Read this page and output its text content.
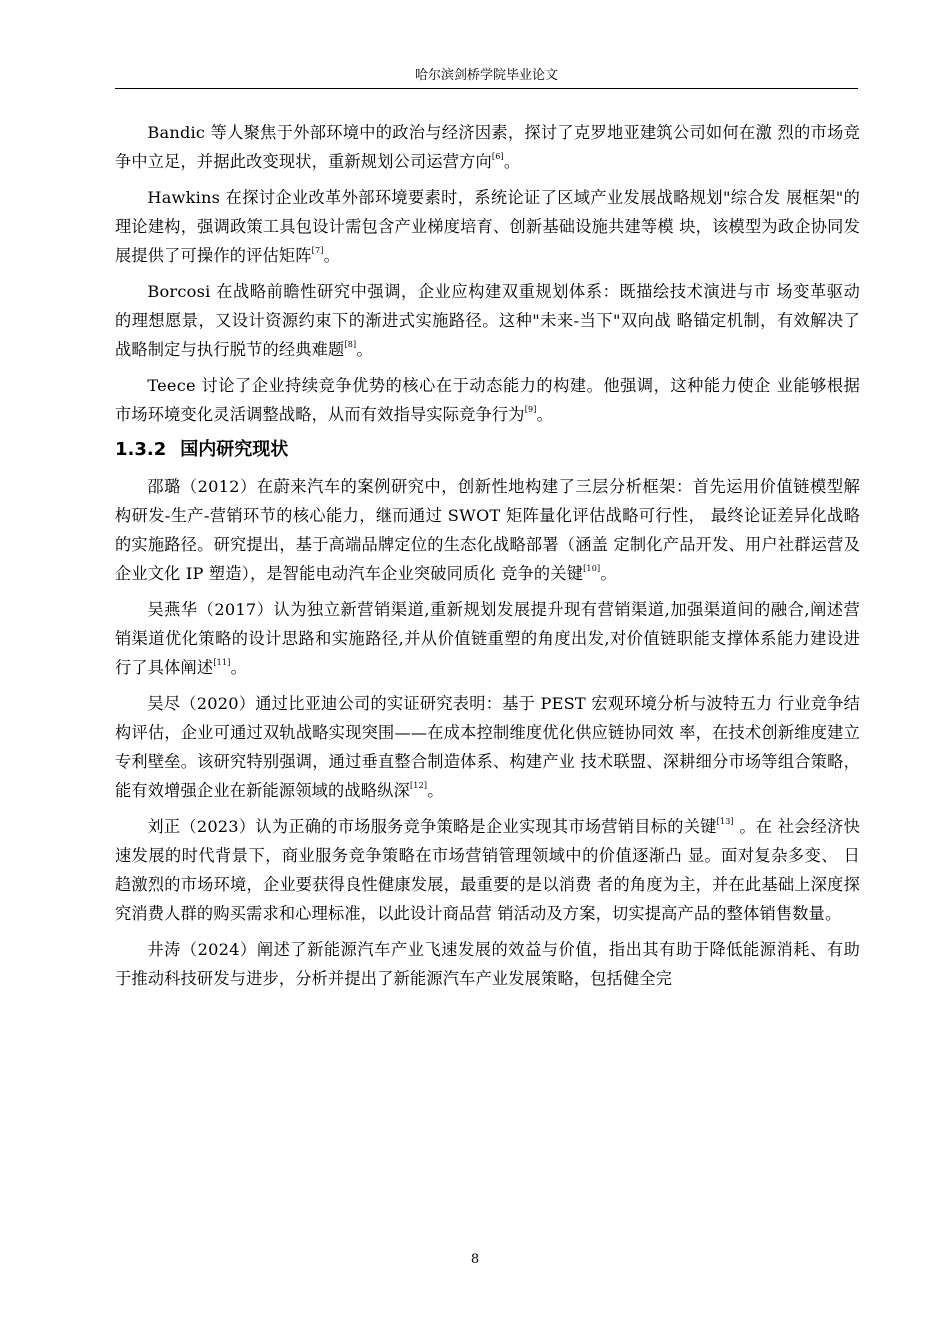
哈尔滨剑桥学院毕业论文

Bandic 等人聚焦于外部环境中的政治与经济因素，探讨了克罗地亚建筑公司如何在激 烈的市场竞争中立足，并据此改变现状，重新规划公司运营方向[6]。

Hawkins 在探讨企业改革外部环境要素时，系统论证了区域产业发展战略规划"综合发 展框架"的理论建构，强调政策工具包设计需包含产业梯度培育、创新基础设施共建等模 块，该模型为政企协同发展提供了可操作的评估矩阵[7]。

Borcosi 在战略前瞻性研究中强调，企业应构建双重规划体系：既描绘技术演进与市 场变革驱动的理想愿景，又设计资源约束下的渐进式实施路径。这种"未来-当下"双向战 略锚定机制，有效解决了战略制定与执行脱节的经典难题[8]。

Teece 讨论了企业持续竞争优势的核心在于动态能力的构建。他强调，这种能力使企 业能够根据市场环境变化灵活调整战略，从而有效指导实际竞争行为[9]。

1.3.2 国内研究现状

邵璐（2012）在蔚来汽车的案例研究中，创新性地构建了三层分析框架：首先运用价值链模型解构研发-生产-营销环节的核心能力，继而通过 SWOT 矩阵量化评估战略可行性， 最终论证差异化战略的实施路径。研究提出，基于高端品牌定位的生态化战略部署（涵盖 定制化产品开发、用户社群运营及企业文化 IP 塑造），是智能电动汽车企业突破同质化 竞争的关键[10]。

吴燕华（2017）认为独立新营销渠道,重新规划发展提升现有营销渠道,加强渠道间的融合,阐述营销渠道优化策略的设计思路和实施路径,并从价值链重塑的角度出发,对价值链职能支撑体系能力建设进行了具体阐述[11]。

吴尽（2020）通过比亚迪公司的实证研究表明：基于 PEST 宏观环境分析与波特五力 行业竞争结构评估，企业可通过双轨战略实现突围——在成本控制维度优化供应链协同效 率，在技术创新维度建立专利壁垒。该研究特别强调，通过垂直整合制造体系、构建产业 技术联盟、深耕细分市场等组合策略，能有效增强企业在新能源领域的战略纵深[12]。

刘正（2023）认为正确的市场服务竞争策略是企业实现其市场营销目标的关键[13] 。在 社会经济快速发展的时代背景下，商业服务竞争策略在市场营销管理领域中的价值逐渐凸 显。面对复杂多变、 日趋激烈的市场环境，企业要获得良性健康发展，最重要的是以消费 者的角度为主，并在此基础上深度探究消费人群的购买需求和心理标准，以此设计商品营 销活动及方案，切实提高产品的整体销售数量。

井涛（2024）阐述了新能源汽车产业飞速发展的效益与价值，指出其有助于降低能源消耗、有助于推动科技研发与进步，分析并提出了新能源汽车产业发展策略，包括健全完

8
